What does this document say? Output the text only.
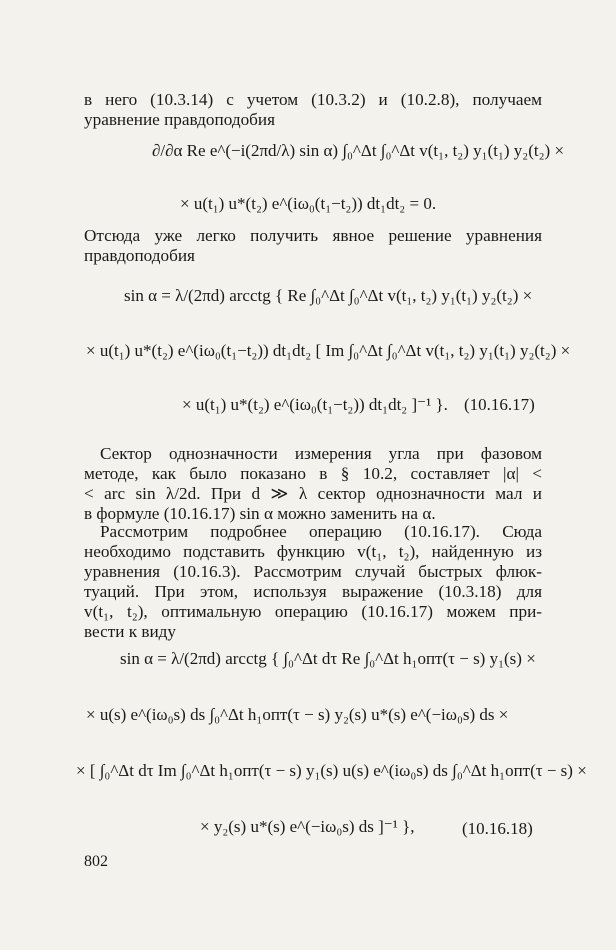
в него (10.3.14) с учетом (10.3.2) и (10.2.8), получаем
уравнение правдоподобия
∂/∂α Re e^(−i(2πd/λ) sin α) ∫₀^Δt ∫₀^Δt v(t₁, t₂) y₁(t₁) y₂(t₂) ×
× u(t₁) u*(t₂) e^(iω₀(t₁−t₂)) dt₁dt₂ = 0.
Отсюда уже легко получить явное решение уравнения
правдоподобия
sin α = λ/(2πd) arcctg { Re ∫₀^Δt ∫₀^Δt v(t₁, t₂) y₁(t₁) y₂(t₂) ×
× u(t₁) u*(t₂) e^(iω₀(t₁−t₂)) dt₁dt₂ [ Im ∫₀^Δt ∫₀^Δt v(t₁, t₂) y₁(t₁) y₂(t₂) ×
× u(t₁) u*(t₂) e^(iω₀(t₁−t₂)) dt₁dt₂ ]⁻¹ }. (10.16.17)
Сектор однозначности измерения угла при фазовом
методе, как было показано в § 10.2, составляет |α| <
< arc sin λ/2d. При d ≫ λ сектор однозначности мал и
в формуле (10.16.17) sin α можно заменить на α.
Рассмотрим подробнее операцию (10.16.17). Сюда
необходимо подставить функцию v(t₁, t₂), найденную из
уравнения (10.16.3). Рассмотрим случай быстрых флюк-
туаций. При этом, используя выражение (10.3.18) для
v(t₁, t₂), оптимальную операцию (10.16.17) можем при-
вести к виду
sin α = λ/(2πd) arcctg { ∫₀^Δt dτ Re ∫₀^Δt h₁опт(τ − s) y₁(s) ×
× u(s) e^(iω₀s) ds ∫₀^Δt h₁опт(τ − s) y₂(s) u*(s) e^(−iω₀s) ds ×
× [ ∫₀^Δt dτ Im ∫₀^Δt h₁опт(τ − s) y₁(s) u(s) e^(iω₀s) ds ∫₀^Δt h₁опт(τ − s) ×
× y₂(s) u*(s) e^(−iω₀s) ds ]⁻¹ },	(10.16.18)
802
